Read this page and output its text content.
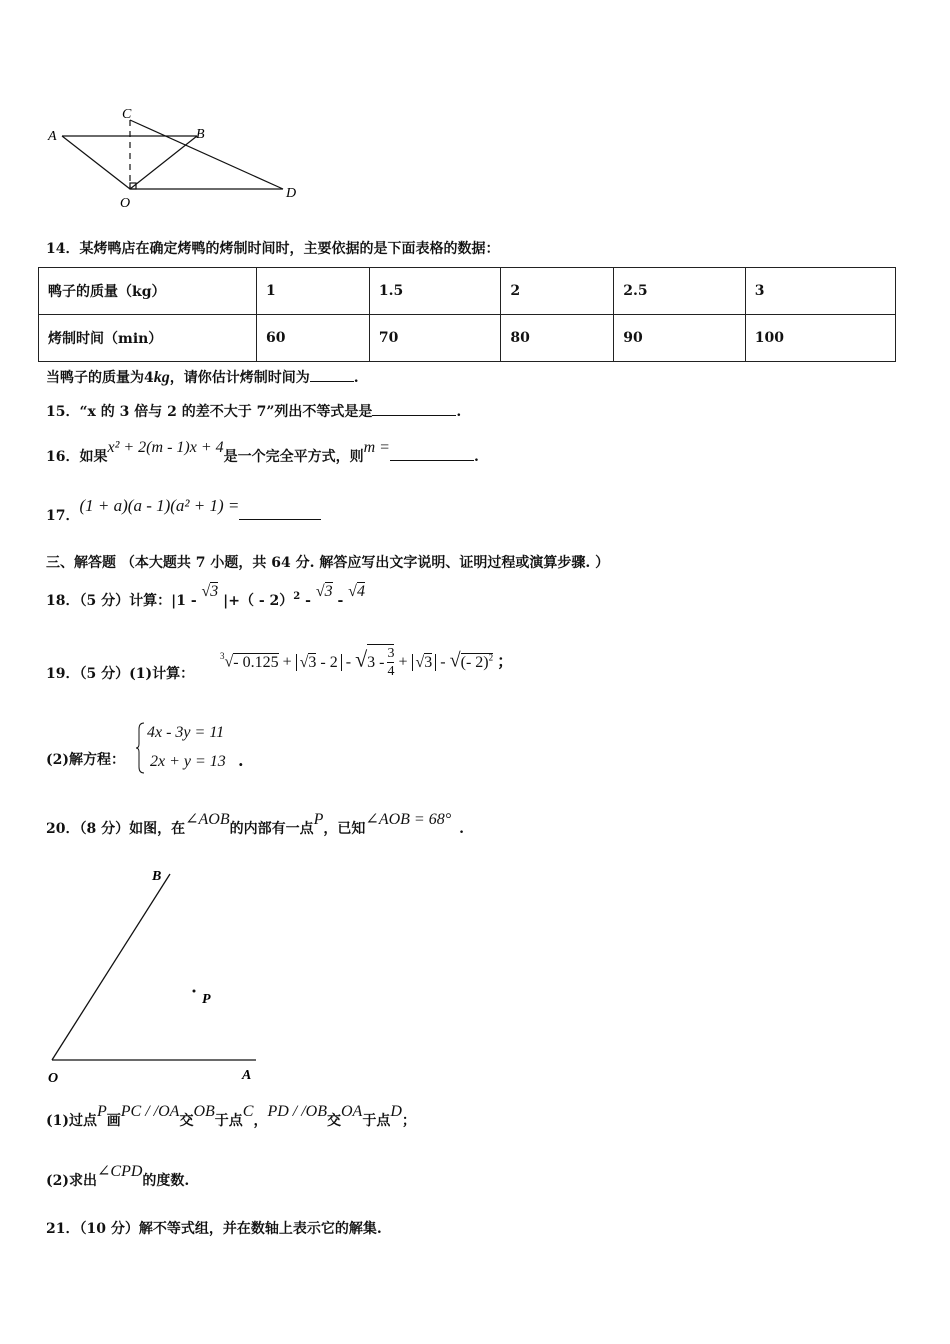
A	B
C
D
O
14．某烤鸭店在确定烤鸭的烤制时间时，主要依据的是下面表格的数据：
鸭子的质量（kg）	1	1.5	2	2.5	3
烤制时间（min）	60	70	80	90	100
当鸭子的质量为4kg，请你估计烤制时间为	.
15．“x 的 3 倍与 2 的差不大于 7”列出不等式是是	.
16．如果x² + 2(m - 1)x + 4是一个完全平方式，则m =.
17．(1 + a)(a - 1)(a² + 1) =
三、解答题 （本大题共 7 小题，共 64 分. 解答应写出文字说明、证明过程或演算步骤. ）
18．（5 分）计算：|1 - √3 |+（ - 2）$^2$ - √3 - √4
19．（5 分）(1)计算：
$^3$√- 0.125 + √3 - 2 - √ $3 - \frac{3}{4} + √3$ - √(- 2)$^2$ ；
(2)解方程：
4x - 3y = 11
2x + y = 13 .
20．（8 分）如图，在∠AOB的内部有一点P，已知∠AOB = 68°.
B
P
O	A
(1)过点P画PC / /OA交OB于点C，PD / /OB交OA于点D；
(2)求出∠CPD的度数.
21．（10 分）解不等式组，并在数轴上表示它的解集.
